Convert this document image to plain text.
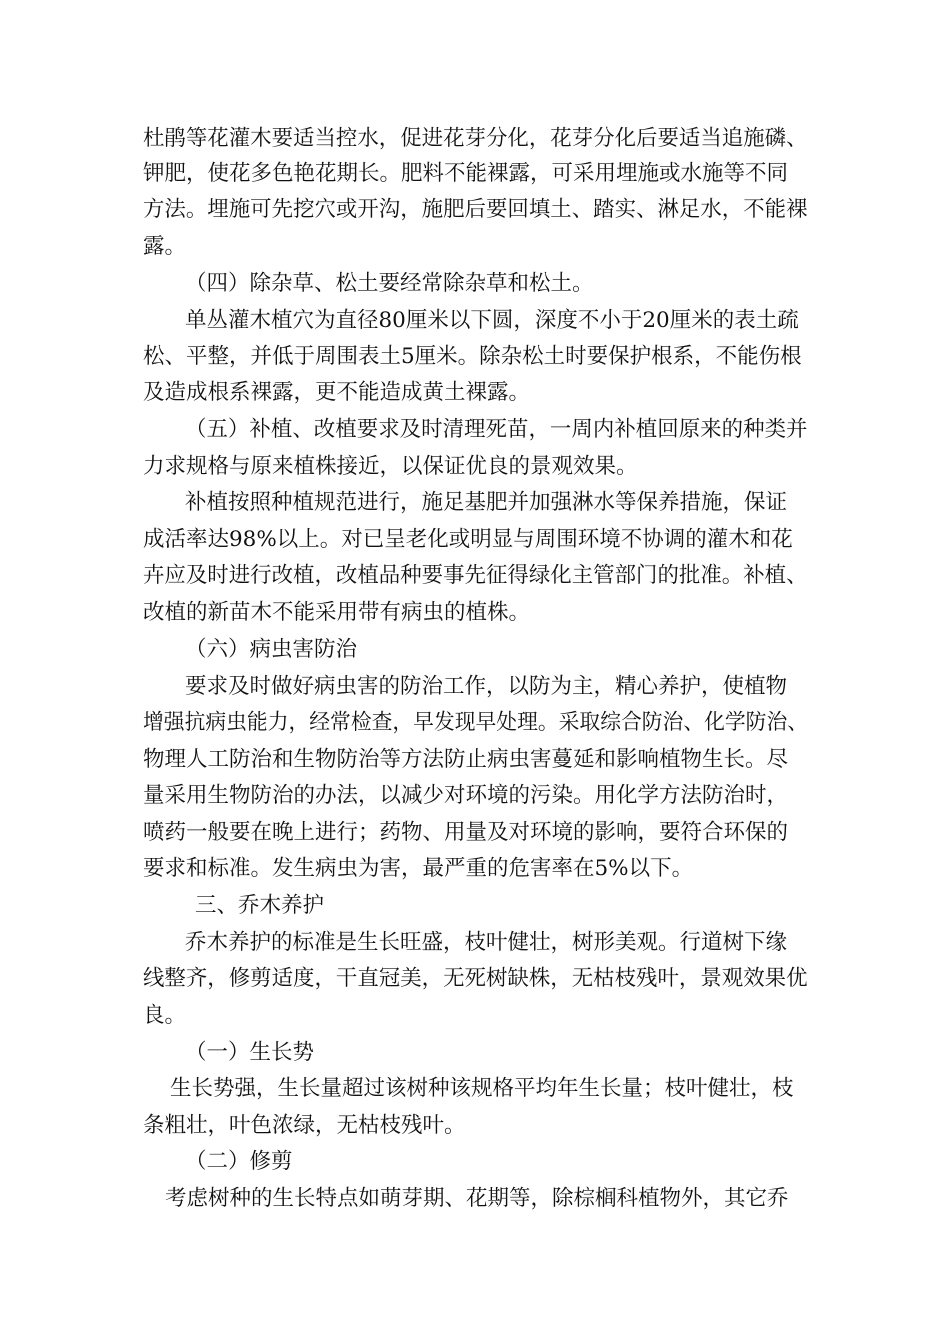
杜鹃等花灌木要适当控水，促进花芽分化，花芽分化后要适当追施磷、
钾肥，使花多色艳花期长。肥料不能裸露，可采用埋施或水施等不同
方法。埋施可先挖穴或开沟，施肥后要回填土、踏实、淋足水，不能裸
露。
（四）除杂草、松土要经常除杂草和松土。
单丛灌木植穴为直径80厘米以下圆，深度不小于20厘米的表土疏
松、平整，并低于周围表土5厘米。除杂松土时要保护根系，不能伤根
及造成根系裸露，更不能造成黄土裸露。
（五）补植、改植要求及时清理死苗，一周内补植回原来的种类并
力求规格与原来植株接近，以保证优良的景观效果。
补植按照种植规范进行，施足基肥并加强淋水等保养措施，保证
成活率达98%以上。对已呈老化或明显与周围环境不协调的灌木和花
卉应及时进行改植，改植品种要事先征得绿化主管部门的批准。补植、
改植的新苗木不能采用带有病虫的植株。
（六）病虫害防治
要求及时做好病虫害的防治工作，以防为主，精心养护，使植物
增强抗病虫能力，经常检查，早发现早处理。采取综合防治、化学防治、
物理人工防治和生物防治等方法防止病虫害蔓延和影响植物生长。尽
量采用生物防治的办法，以减少对环境的污染。用化学方法防治时，
喷药一般要在晚上进行；药物、用量及对环境的影响，要符合环保的
要求和标准。发生病虫为害，最严重的危害率在5%以下。
三、乔木养护
乔木养护的标准是生长旺盛，枝叶健壮，树形美观。行道树下缘
线整齐，修剪适度，干直冠美，无死树缺株，无枯枝残叶，景观效果优
良。
（一）生长势
生长势强，生长量超过该树种该规格平均年生长量；枝叶健壮，枝
条粗壮，叶色浓绿，无枯枝残叶。
（二）修剪
考虑树种的生长特点如萌芽期、花期等，除棕榈科植物外，其它乔
